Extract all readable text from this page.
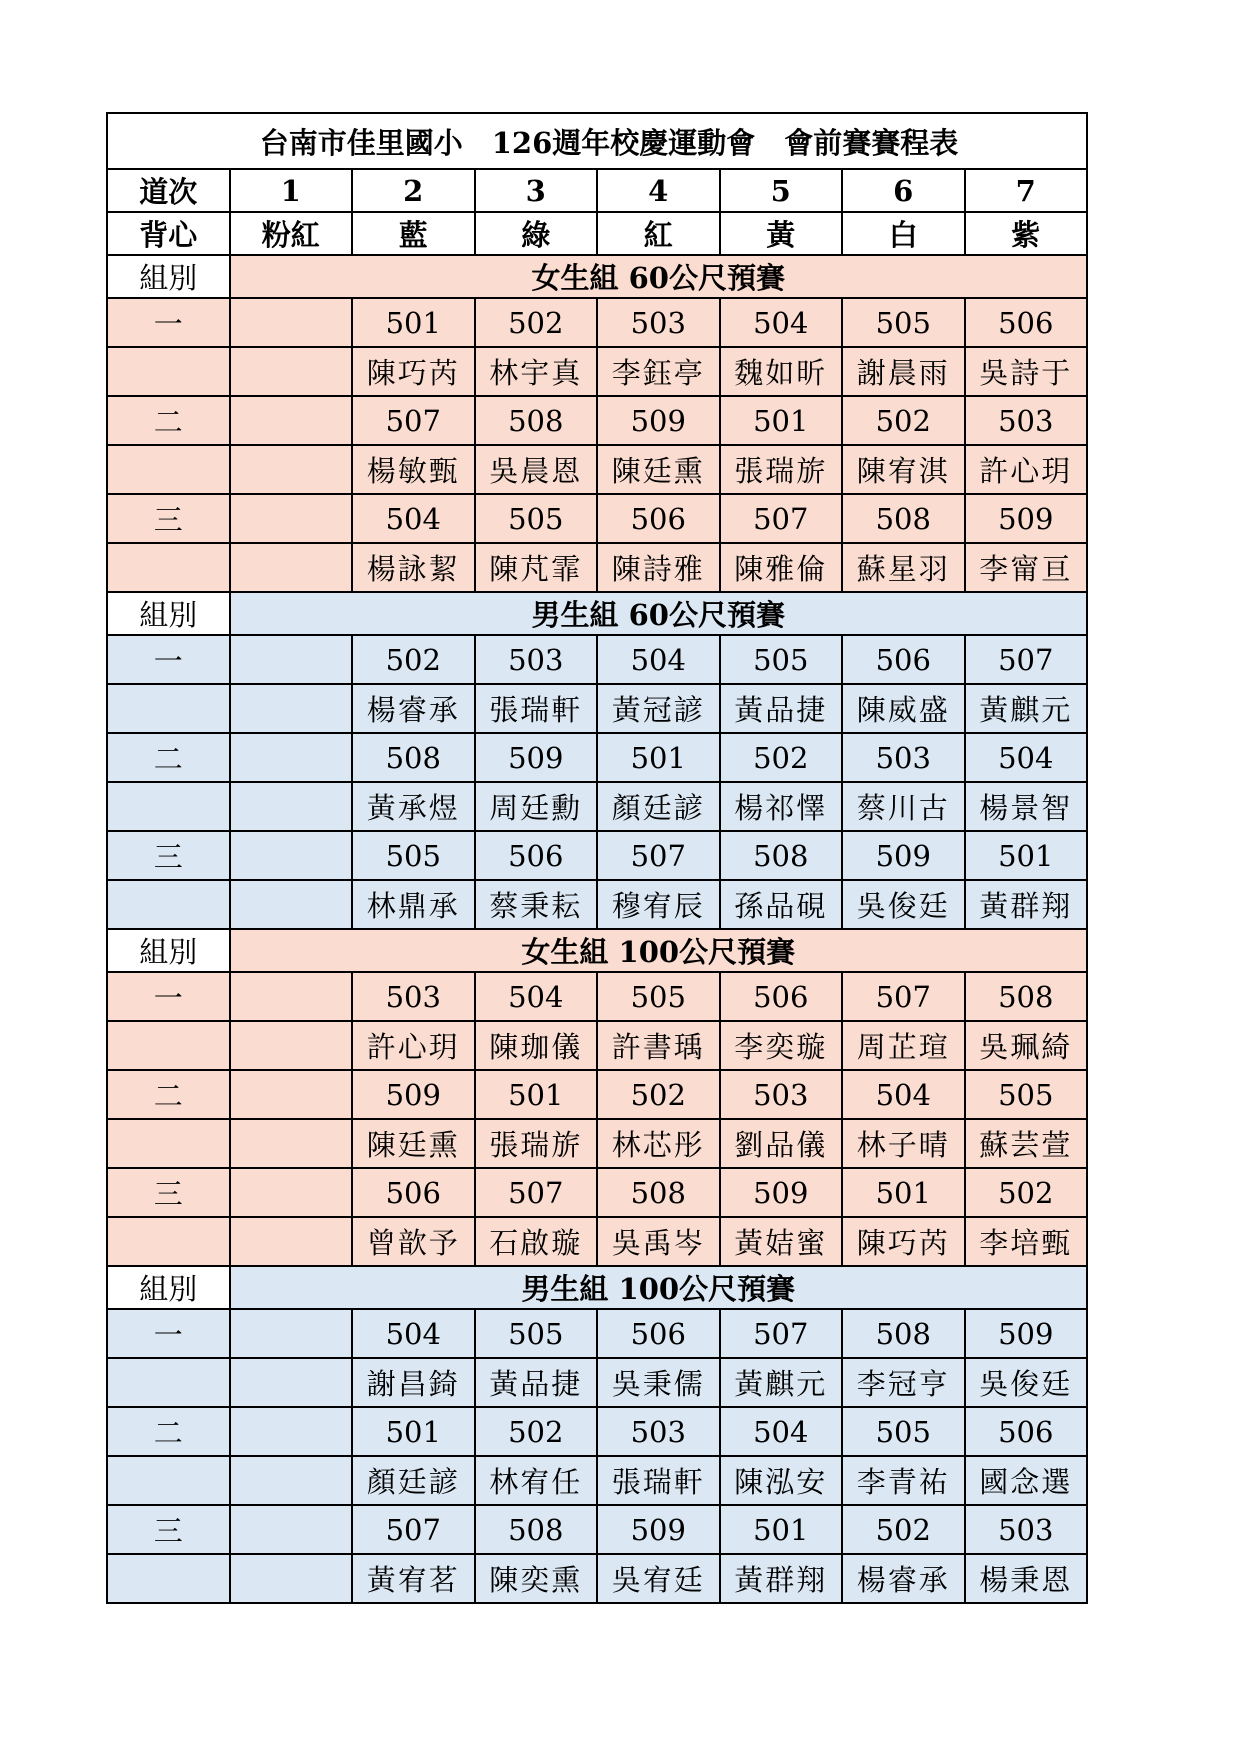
台南市佳里國小　126週年校慶運動會　會前賽賽程表							
道次	1	2	3	4	5	6	7
背心	粉紅	藍	綠	紅	黃	白	紫
組別	女生組 60公尺預賽						
一		501	502	503	504	505	506
		陳巧芮	林宇真	李鈺亭	魏如昕	謝晨雨	吳詩于
二		507	508	509	501	502	503
		楊敏甄	吳晨恩	陳廷熏	張瑞旂	陳宥淇	許心玥
三		504	505	506	507	508	509
		楊詠絜	陳芃霏	陳詩雅	陳雅倫	蘇星羽	李甯亘
組別	男生組 60公尺預賽						
一		502	503	504	505	506	507
		楊睿承	張瑞軒	黃冠諺	黃品捷	陳威盛	黃麒元
二		508	509	501	502	503	504
		黃承煜	周廷勳	顏廷諺	楊祁懌	蔡川古	楊景智
三		505	506	507	508	509	501
		林鼎承	蔡秉耘	穆宥辰	孫品硯	吳俊廷	黃群翔
組別	女生組 100公尺預賽						
一		503	504	505	506	507	508
		許心玥	陳珈儀	許書瑀	李奕璇	周芷瑄	吳珮綺
二		509	501	502	503	504	505
		陳廷熏	張瑞旂	林芯彤	劉品儀	林子晴	蘇芸萱
三		506	507	508	509	501	502
		曾歆予	石啟璇	吳禹岑	黃姞蜜	陳巧芮	李培甄
組別	男生組 100公尺預賽						
一		504	505	506	507	508	509
		謝昌錡	黃品捷	吳秉儒	黃麒元	李冠亨	吳俊廷
二		501	502	503	504	505	506
		顏廷諺	林宥任	張瑞軒	陳泓安	李青祐	國念選
三		507	508	509	501	502	503
		黃宥茗	陳奕熏	吳宥廷	黃群翔	楊睿承	楊秉恩
